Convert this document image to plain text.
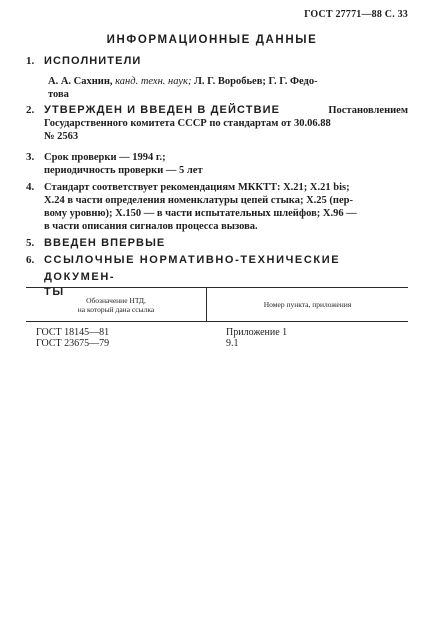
ГОСТ 27771—88 С. 33
ИНФОРМАЦИОННЫЕ ДАННЫЕ
1. ИСПОЛНИТЕЛИ
А. А. Сахнин, канд. техн. наук; Л. Г. Воробьев; Г. Г. Федо-
това
2. УТВЕРЖДЕН И ВВЕДЕН В ДЕЙСТВИЕ	Постановлением
Государственного комитета СССР по стандартам от 30.06.88
№ 2563
3. Срок проверки — 1994 г.;
периодичность проверки — 5 лет
4. Стандарт соответствует рекомендациям МККТТ: X.21; X.21 bis;
X.24 в части определения номенклатуры цепей стыка; X.25 (пер-
вому уровню); X.150 — в части испытательных шлейфов; X.96 —
в части описания сигналов процесса вызова.
5. ВВЕДЕН ВПЕРВЫЕ
6. ССЫЛОЧНЫЕ НОРМАТИВНО-ТЕХНИЧЕСКИЕ ДОКУМЕН-
ТЫ
Обозначение НТД,
на который дана ссылка	Номер пункта, приложения
ГОСТ 18145—81	Приложение 1
ГОСТ 23675—79	9.1
